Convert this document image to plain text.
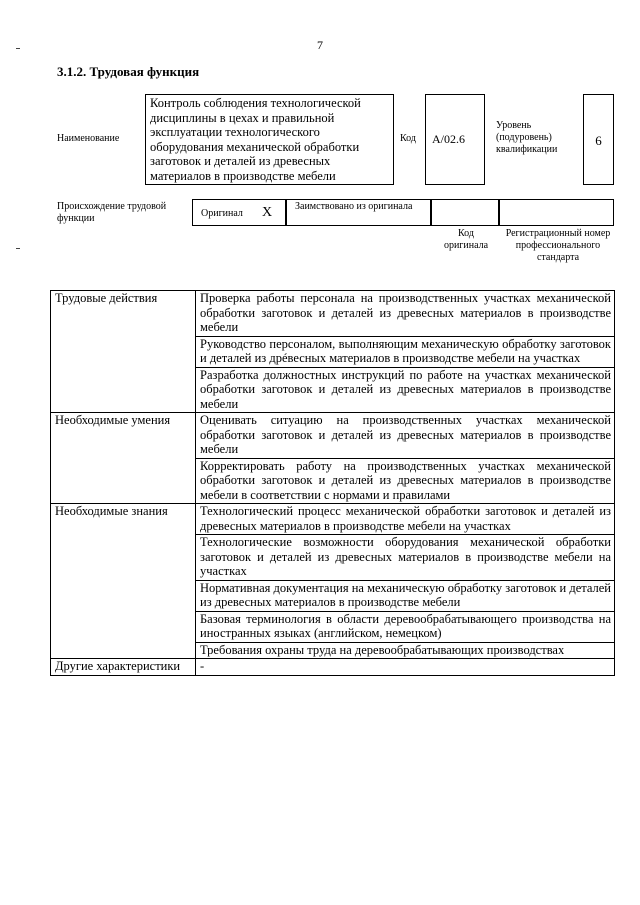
7
3.1.2. Трудовая функция
Наименование
Контроль соблюдения технологической дисциплины в цехах и правильной эксплуатации технологического оборудования механической обработки заготовок и деталей из древесных материалов в производстве мебели
Код A/02.6
Уровень (подуровень) квалификации
6
Происхождение трудовой функции	Оригинал X Заимствовано из оригинала
Код оригинала
Регистрационный номер профессионального стандарта
Трудовые действия	Проверка работы персонала на производственных участках механической обработки заготовок и деталей из древесных материалов в производстве мебели
	Руководство персоналом, выполняющим механическую обработку заготовок и деталей из дрéвесных материалов в производстве мебели на участках
	Разработка должностных инструкций по работе на участках механической обработки заготовок и деталей из древесных материалов в производстве мебели
Необходимые умения	Оценивать ситуацию на производственных участках механической обработки заготовок и деталей из древесных материалов в производстве мебели
	Корректировать работу на производственных участках механической обработки заготовок и деталей из древесных материалов в производстве мебели в соответствии с нормами и правилами
Необходимые знания	Технологический процесс механической обработки заготовок и деталей из древесных материалов в производстве мебели на участках
	Технологические возможности оборудования механической обработки заготовок и деталей из древесных материалов в производстве мебели на участках
	Нормативная документация на механическую обработку заготовок и деталей из древесных материалов в производстве мебели
	Базовая терминология в области деревообрабатывающего производства на иностранных языках (английском, немецком)
	Требования охраны труда на деревообрабатывающих производствах
Другие характеристики	-
